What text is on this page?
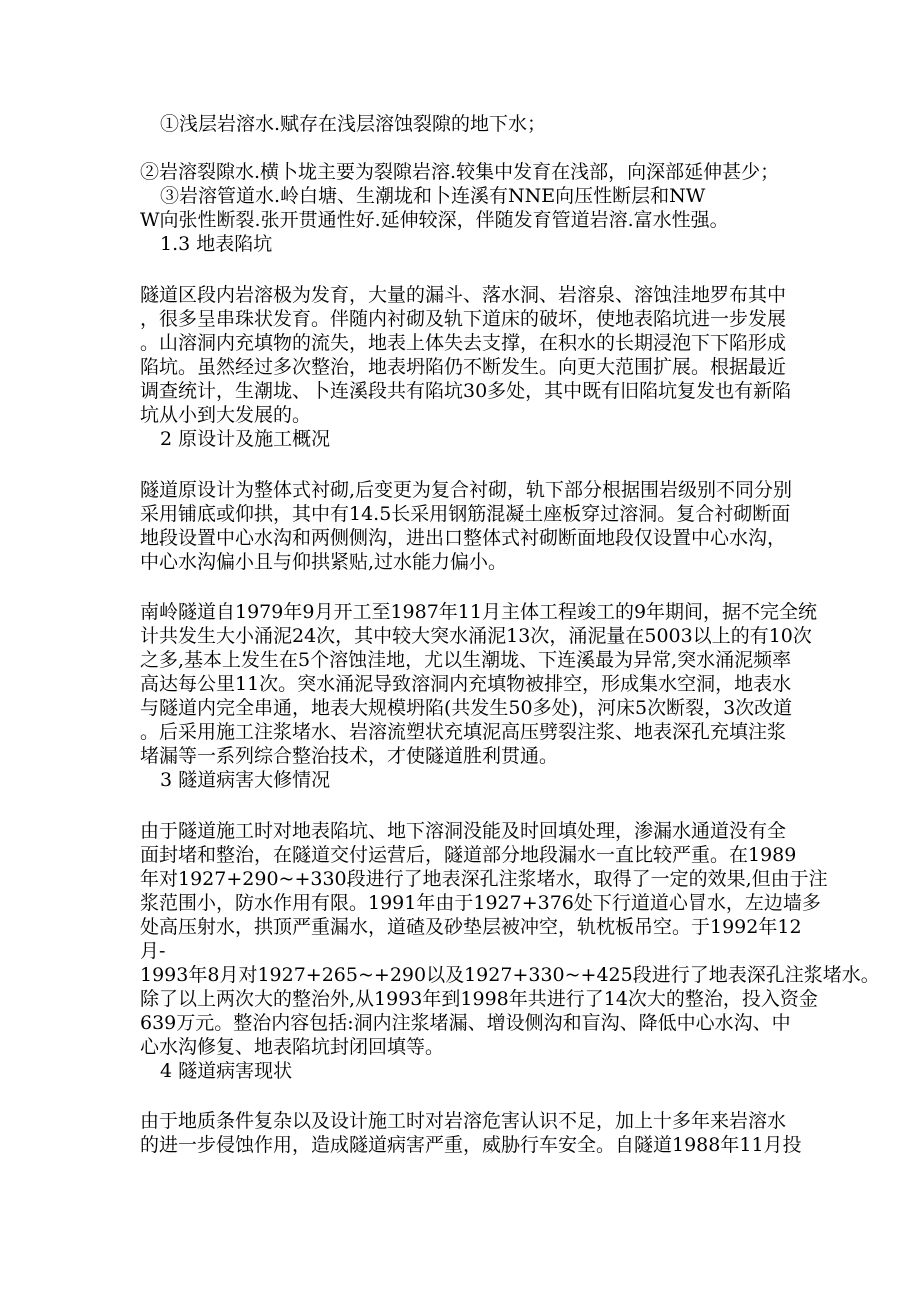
①浅层岩溶水.赋存在浅层溶蚀裂隙的地下水；
②岩溶裂隙水.横卜垅主要为裂隙岩溶.较集中发育在浅部，向深部延伸甚少；
③岩溶管道水.岭白塘、生潮垅和卜连溪有NNE向压性断层和NW
W向张性断裂.张开贯通性好.延伸较深，伴随发育管道岩溶.富水性强。
1.3 地表陷坑
隧道区段内岩溶极为发育，大量的漏斗、落水洞、岩溶泉、溶蚀洼地罗布其中
，很多呈串珠状发育。伴随内衬砌及轨下道床的破坏，使地表陷坑进一步发展
。山溶洞内充填物的流失，地表上体失去支撑，在积水的长期浸泡下下陷形成
陷坑。虽然经过多次整治，地表坍陷仍不断发生。向更大范围扩展。根据最近
调查统计，生潮垅、卜连溪段共有陷坑30多处，其中既有旧陷坑复发也有新陷
坑从小到大发展的。
2 原设计及施工概况
隧道原设计为整体式衬砌,后变更为复合衬砌，轨下部分根据围岩级别不同分别
采用铺底或仰拱，其中有14.5长采用钢筋混凝土座板穿过溶洞。复合衬砌断面
地段设置中心水沟和两侧侧沟，进出口整体式衬砌断面地段仅设置中心水沟，
中心水沟偏小且与仰拱紧贴,过水能力偏小。
南岭隧道自1979年9月开工至1987年11月主体工程竣工的9年期间，据不完全统
计共发生大小涌泥24次，其中较大突水涌泥13次，涌泥量在5003以上的有10次
之多,基本上发生在5个溶蚀洼地，尤以生潮垅、下连溪最为异常,突水涌泥频率
高达每公里11次。突水涌泥导致溶洞内充填物被排空，形成集水空洞，地表水
与隧道内完全串通，地表大规模坍陷(共发生50多处)，河床5次断裂，3次改道
。后采用施工注浆堵水、岩溶流塑状充填泥高压劈裂注浆、地表深孔充填注浆
堵漏等一系列综合整治技术，才使隧道胜利贯通。
3 隧道病害大修情况
由于隧道施工时对地表陷坑、地下溶洞没能及时回填处理，渗漏水通道没有全
面封堵和整治，在隧道交付运营后，隧道部分地段漏水一直比较严重。在1989
年对1927+290~+330段进行了地表深孔注浆堵水，取得了一定的效果,但由于注
浆范围小，防水作用有限。1991年由于1927+376处下行道道心冒水，左边墙多
处高压射水，拱顶严重漏水，道碴及砂垫层被冲空，轨枕板吊空。于1992年12
月-
1993年8月对1927+265~+290以及1927+330~+425段进行了地表深孔注浆堵水。
除了以上两次大的整治外,从1993年到1998年共进行了14次大的整治，投入资金
639万元。整治内容包括:洞内注浆堵漏、增设侧沟和盲沟、降低中心水沟、中
心水沟修复、地表陷坑封闭回填等。
4 隧道病害现状
由于地质条件复杂以及设计施工时对岩溶危害认识不足，加上十多年来岩溶水
的进一步侵蚀作用，造成隧道病害严重，威胁行车安全。自隧道1988年11月投
